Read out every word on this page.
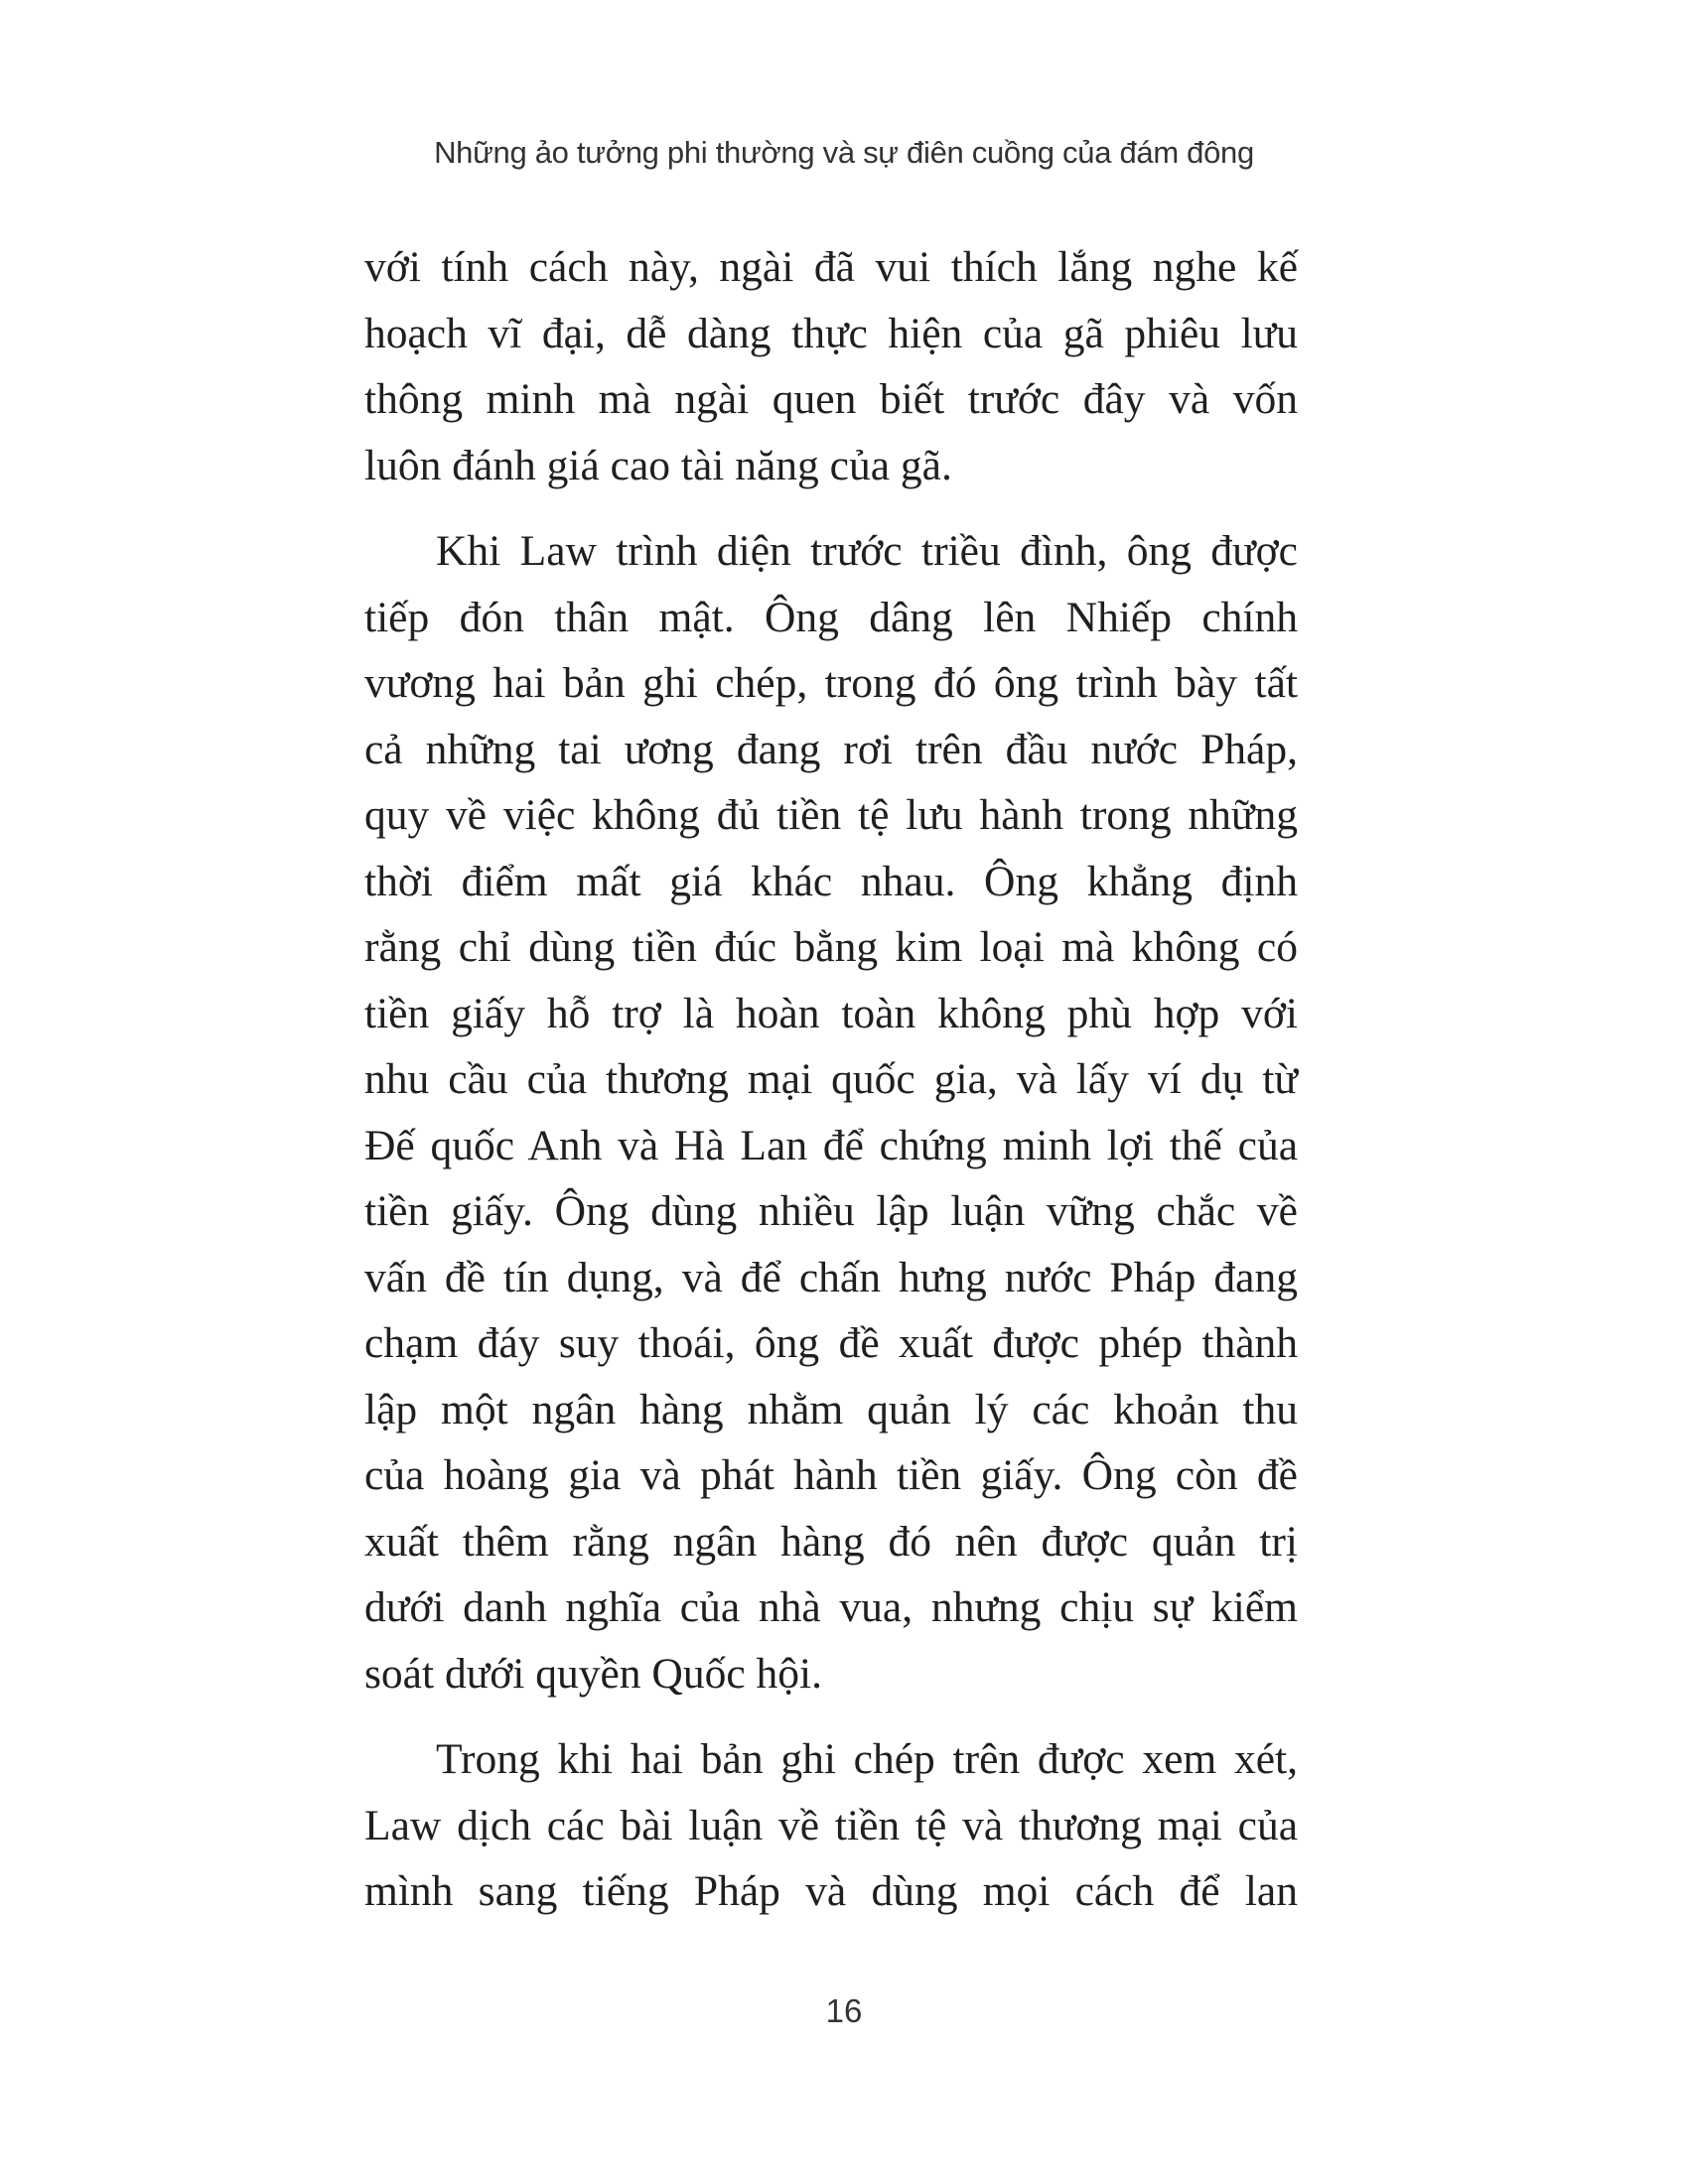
Những ảo tưởng phi thường và sự điên cuồng của đám đông
với tính cách này, ngài đã vui thích lắng nghe kế
hoạch vĩ đại, dễ dàng thực hiện của gã phiêu lưu
thông minh mà ngài quen biết trước đây và vốn
luôn đánh giá cao tài năng của gã.
Khi Law trình diện trước triều đình, ông được
tiếp đón thân mật. Ông dâng lên Nhiếp chính
vương hai bản ghi chép, trong đó ông trình bày tất
cả những tai ương đang rơi trên đầu nước Pháp,
quy về việc không đủ tiền tệ lưu hành trong những
thời điểm mất giá khác nhau. Ông khẳng định
rằng chỉ dùng tiền đúc bằng kim loại mà không có
tiền giấy hỗ trợ là hoàn toàn không phù hợp với
nhu cầu của thương mại quốc gia, và lấy ví dụ từ
Đế quốc Anh và Hà Lan để chứng minh lợi thế của
tiền giấy. Ông dùng nhiều lập luận vững chắc về
vấn đề tín dụng, và để chấn hưng nước Pháp đang
chạm đáy suy thoái, ông đề xuất được phép thành
lập một ngân hàng nhằm quản lý các khoản thu
của hoàng gia và phát hành tiền giấy. Ông còn đề
xuất thêm rằng ngân hàng đó nên được quản trị
dưới danh nghĩa của nhà vua, nhưng chịu sự kiểm
soát dưới quyền Quốc hội.
Trong khi hai bản ghi chép trên được xem xét,
Law dịch các bài luận về tiền tệ và thương mại của
mình sang tiếng Pháp và dùng mọi cách để lan
16
